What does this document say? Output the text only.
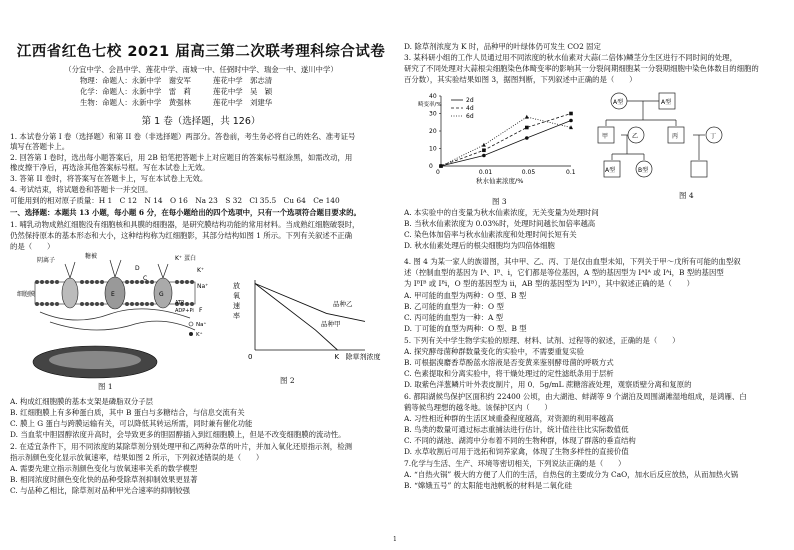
江西省红色七校 2021 届高三第二次联考理科综合试卷
（分宜中学、会昌中学、莲花中学、南城一中、任弼时中学、瑞金一中、遂川中学）
物理：命题人：永新中学　谢安军　　　莲花中学　郭志清
化学：命题人：永新中学　雷　莉　　　莲花中学　吴　颖
生物：命题人：永新中学　黄强林　　　莲花中学　刘建华
第 1 卷（选择题，共 126）
1. 本试卷分第 I 卷（选择题）和第 II 卷（非选择题）两部分。答卷前，考生务必将自己的姓名、准考证号
填写在答题卡上。
2. 回答第 I 卷时，选出每小题答案后，用 2B 铅笔把答题卡上对应题目的答案标号框涂黑，如需改动，用
橡皮擦干净后，再选涂其他答案标号框。写在本试卷上无效。
3. 答第 II 卷时，将答案写在答题卡上，写在本试卷上无效。
4. 考试结束，将试题卷和答题卡一并交回。
可能用到的相对原子质量：H 1　C 12　N 14　O 16　Na 23　S 32　Cl 35.5　Cu 64　Ce 140
一、选择题：本题共 13 小题，每小题 6 分，在每小题给出的四个选项中，只有一个选项符合题目要求的。
1. 哺乳动物成熟红细胞没有细胞核和具膜的细胞器，是研究膜结构功能的常用材料。当成熟红细胞破裂时，
仍然保持原本的基本形态和大小，这种结构称为红细胞影，其部分结构如图 1 所示。下列有关叙述不正确
的是（　　）
阴离子
细胞膜
糖被	K⁺ 蛋白
E
D
C
K⁺
ATP
ADP+Pi
Na⁺
F
G
Na⁺
K⁺
图 1
放
氧
速
率
品种乙
品种甲
0	K 除草剂浓度
图 2
A. 构成红细胞膜的基本支架是磷脂双分子层
B. 红细胞膜上有多种蛋白质，其中 B 蛋白与多糖结合，与信息交流有关
C. 膜上 G 蛋白与跨膜运输有关，可以降低其转运所需，同时兼有催化功能
D. 当血浆中胆固醇浓度升高时，会导致更多的胆固醇插入到红细胞膜上，但是不改变细胞膜的流动性。
2. 在适宜条件下，用不同浓度的某除草剂分别处理甲和乙两种杂草的叶片，并加入氧化还原指示剂，检测
指示剂颜色变化显示放氧速率，结果如图 2 所示，下列叙述错误的是（　　）
A. 需要先建立指示剂颜色变化与放氧速率关系的数学模型
B. 相同浓度时颜色变化快的品种受除草剂抑制效果更显著
C. 与品种乙相比，除草剂对品种甲光合速率的抑制较强
D. 除草剂浓度为 K 时，品种甲的叶绿体仍可发生 CO2 固定
3. 某科研小组的工作人员通过用不同浓度的秋水仙素对大蒜(二倍体)鳞茎分生区进行不同时间的处理，
研究了不同处理对大蒜根尖细胞染色体畸变率的影响其一分裂间期细胞某一分裂期细胞中染色体数目的细胞的
百分数），其实验结果如图 3，据图判断，下列叙述中正确的是（　　）
0
10
20
30
40
0	0.01	0.05	0.1
2d
4d
6d
畸变率/%
秋水仙素浓度/%
图 3
A型	A型
甲	乙	丙	丁
A型	B型
图 4
A. 本实验中的自变量为秋水仙素浓度，无关变量为处理时间
B. 当秋水仙素浓度为 0.03%时，处理时间越长加倍率越高
C. 染色体加倍率与秋水仙素浓度和处理时间长短有关
D. 秋水仙素处理后的根尖细胞均为四倍体细胞
4. 图 4 为某一家人的族谱图，其中甲、乙、丙、丁是仅由血型未知，下列关于甲～戊所有可能的血型叙
述（控制血型的基因为 Iᴬ、Iᴮ、i，它们都是等位基因，A 型的基因型为 IᴬIᴬ 或 Iᴬi，B 型的基因型
为 IᴮIᴮ 或 Iᴮi，O 型的基因型为 ii，AB 型的基因型为 IᴬIᴮ），其中叙述正确的是（　　）
A. 甲可能的血型为两种：O 型、B 型
B. 乙可能的血型为一种：O 型
C. 丙可能的血型为一种：A 型
D. 丁可能的血型为两种：O 型、B 型
5. 下列有关中学生物学实验的原理、材料、试剂、过程等的叙述，正确的是（　　）
A. 探究酵母菌种群数量变化的实验中，不需要重复实验
B. 可根据溴麝香草酚蓝水溶液是否变黄来鉴别酵母菌的呼吸方式
C. 色素提取和分离实验中，将干燥处理过的定性滤纸条用于层析
D. 取紫色洋葱鳞片叶外表皮制片，用 0．5g/mL 蔗糖溶液处理，观察质壁分离和复原的
6. 都阳湖候鸟保护区面积约 22400 公顷，由大湖池、蚌湖等 9 个湖泊及周围湖滩湿地组成，是鸿雁、白
鹤等候鸟理想的越冬地。该保护区内（　　）
A. 习性相近种群的生活区域重叠程度越高，对资源的利用率越高
B. 鸟类的数量可通过标志重捕法进行估计，统计值往往比实际数值低
C. 不同的湖池、湖湾中分布着不同的生物种群，体现了群落的垂直结构
D. 水草收割后可用于选拓和饲养家禽，体现了生物多样性的直接价值
7.化学与生活、生产、环境等密切相关，下列说法正确的是（　　）
A. “自热火锅” 极大的方便了人们的生活，自热包的主要成分为 CaO，加水后反应放热，从而加热火锅
B. “嫦娥五号” 的太阳能电池帆板的材料是二氧化硅
1
